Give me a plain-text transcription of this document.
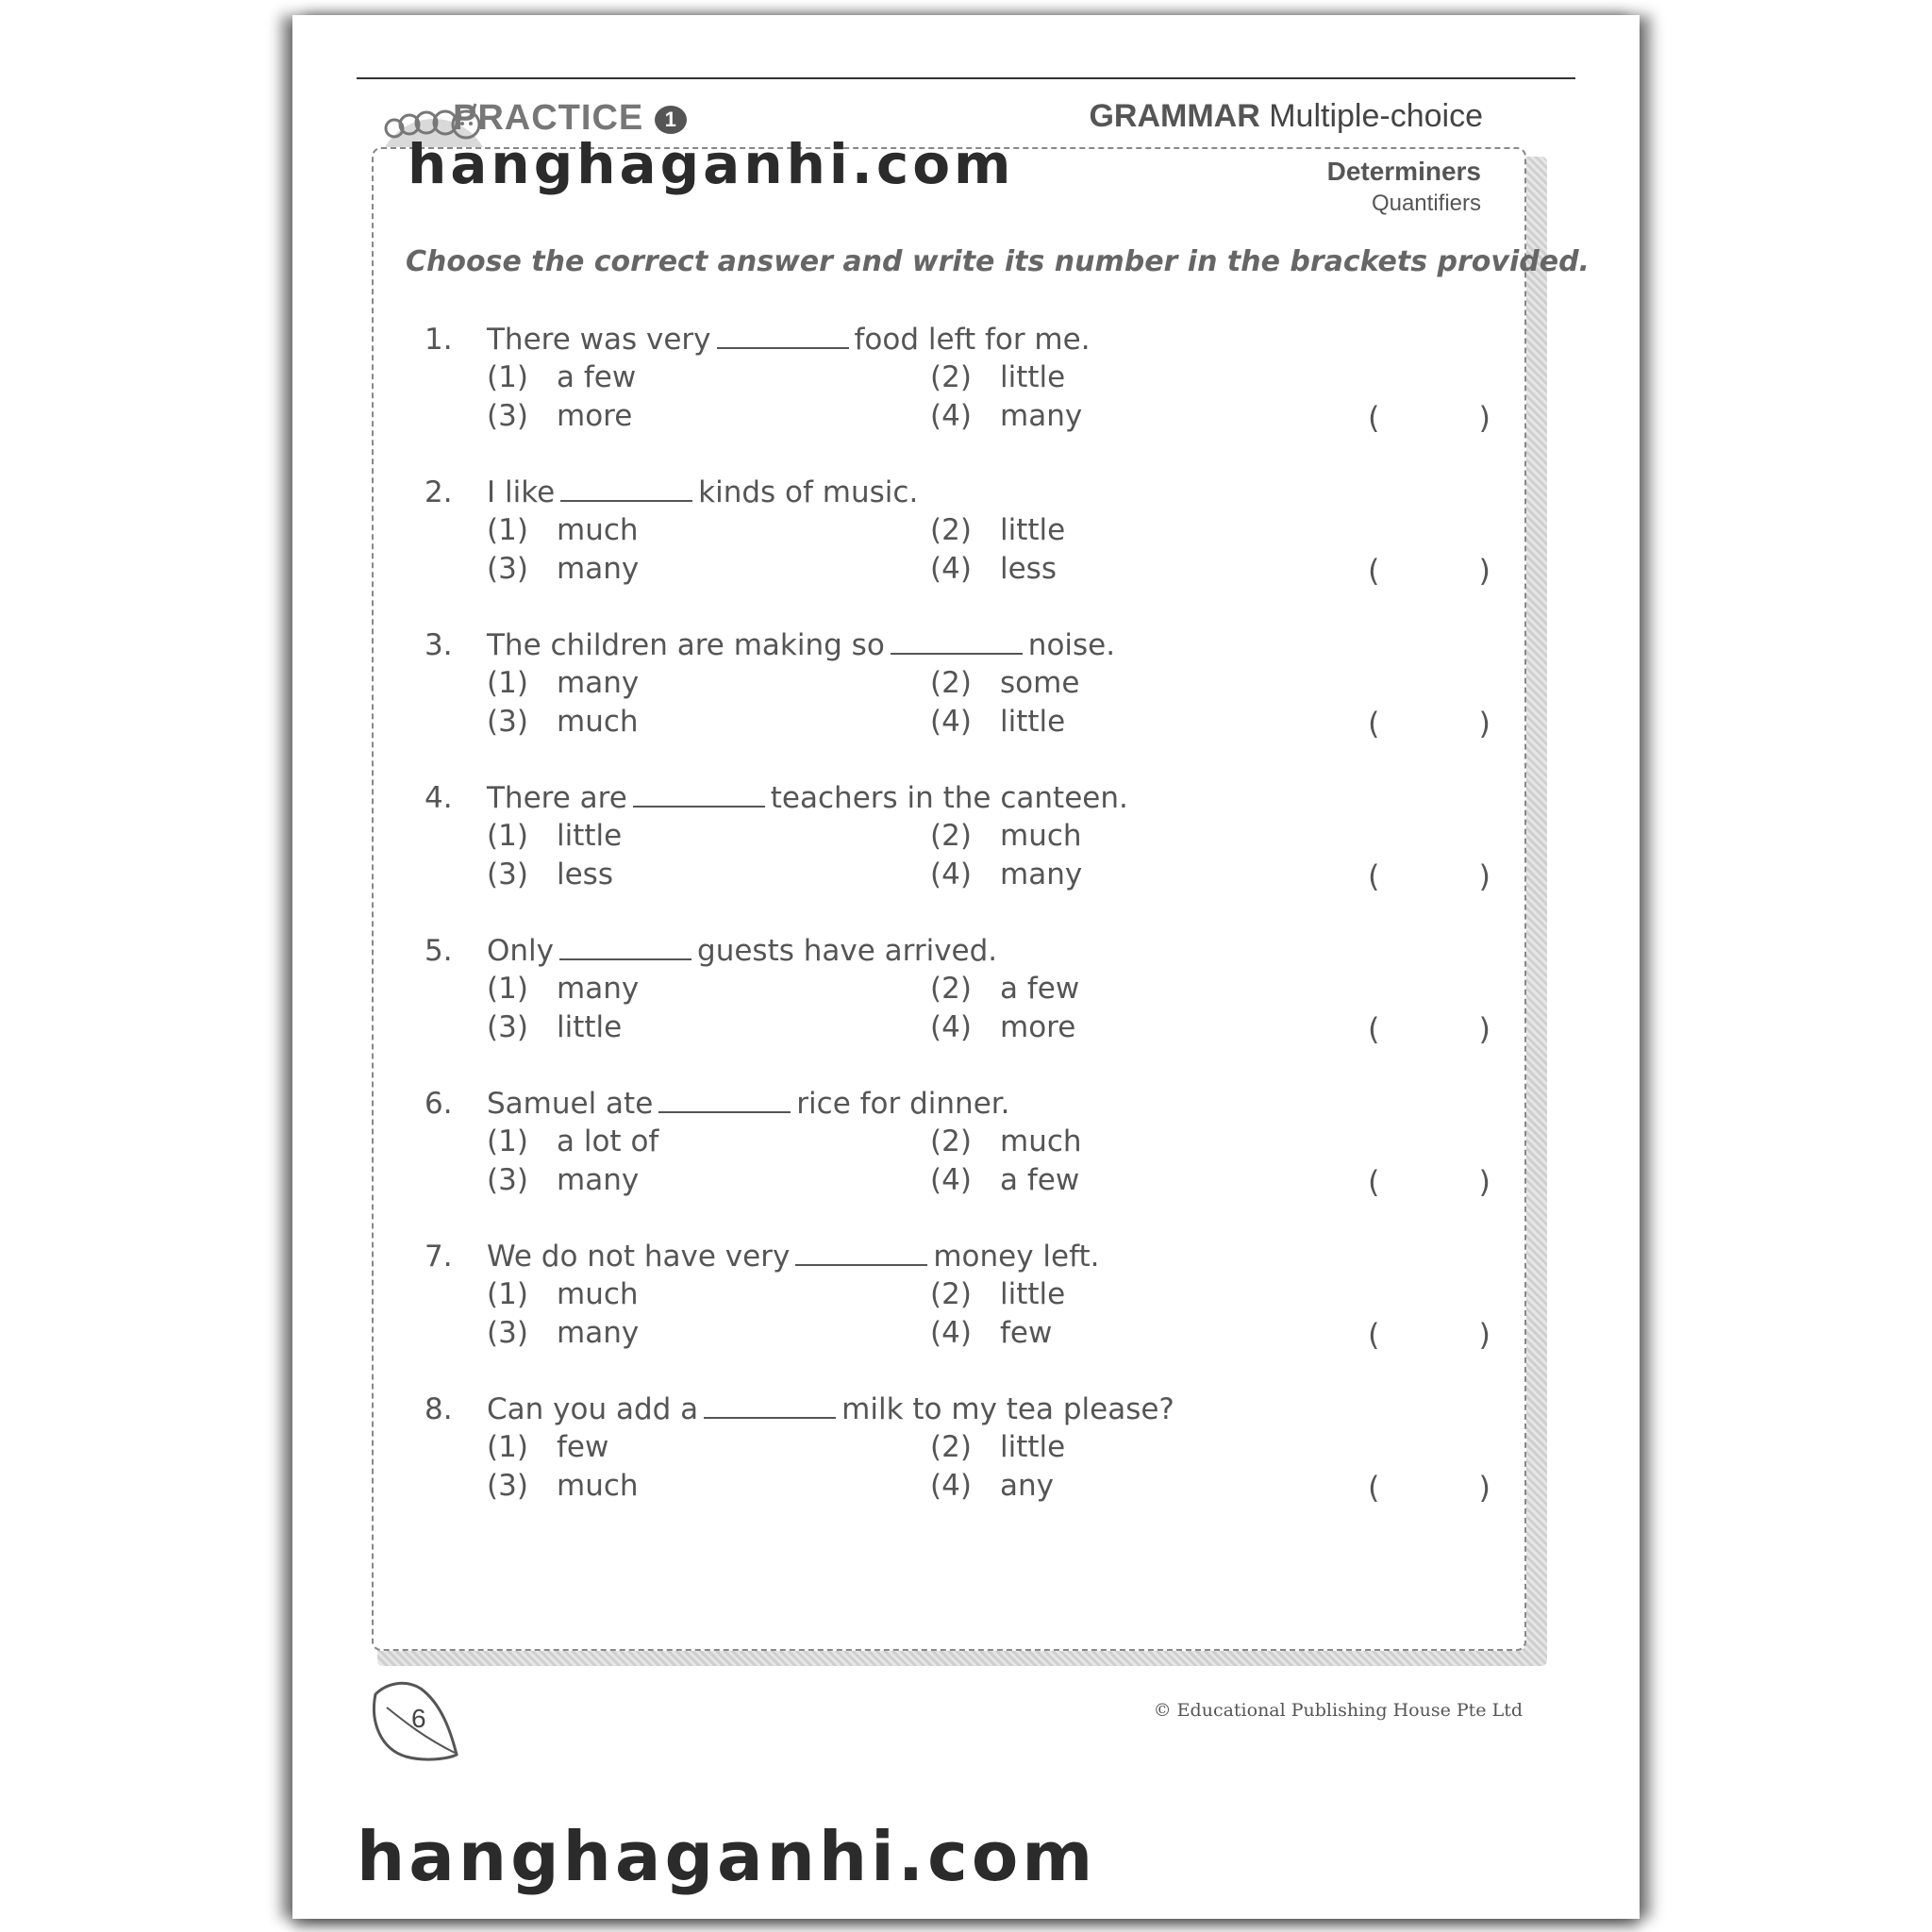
PRACTICE 1	GRAMMAR Multiple-choice
Determiners
Quantifiers
Choose the correct answer and write its number in the brackets provided.
1. There was very	food left for me.
(1) a few	(2) little
(3) more	(4) many	(	)
2. I like	kinds of music.
(1) much	(2) little
(3) many	(4) less	(	)
3. The children are making so	noise.
(1) many	(2) some
(3) much	(4) little	(	)
4. There are	teachers in the canteen.
(1) little	(2) much
(3) less	(4) many	(	)
5. Only	guests have arrived.
(1) many	(2) a few
(3) little	(4) more	(	)
6. Samuel ate	rice for dinner.
(1) a lot of	(2) much
(3) many	(4) a few	(	)
7. We do not have very	money left.
(1) much	(2) little
(3) many	(4) few	(	)
8. Can you add a	milk to my tea please?
(1) few	(2) little
(3) much	(4) any	(	)
6	© Educational Publishing House Pte Ltd
hanghaganhi.com
hanghaganhi.com
